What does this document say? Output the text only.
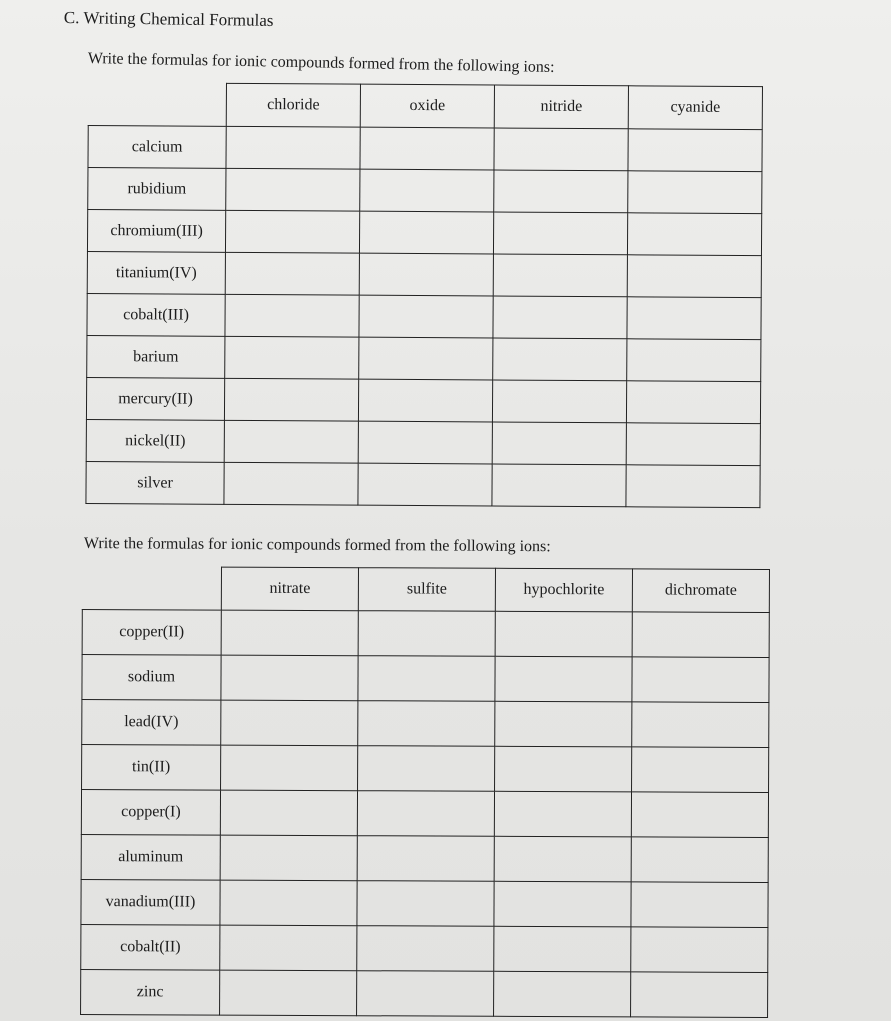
C. Writing Chemical Formulas
Write the formulas for ionic compounds formed from the following ions:
	chloride	oxide	nitride	cyanide
calcium				
rubidium				
chromium(III)				
titanium(IV)				
cobalt(III)				
barium				
mercury(II)				
nickel(II)				
silver				
Write the formulas for ionic compounds formed from the following ions:
	nitrate	sulfite	hypochlorite	dichromate
copper(II)				
sodium				
lead(IV)				
tin(II)				
copper(I)				
aluminum				
vanadium(III)				
cobalt(II)				
zinc				
